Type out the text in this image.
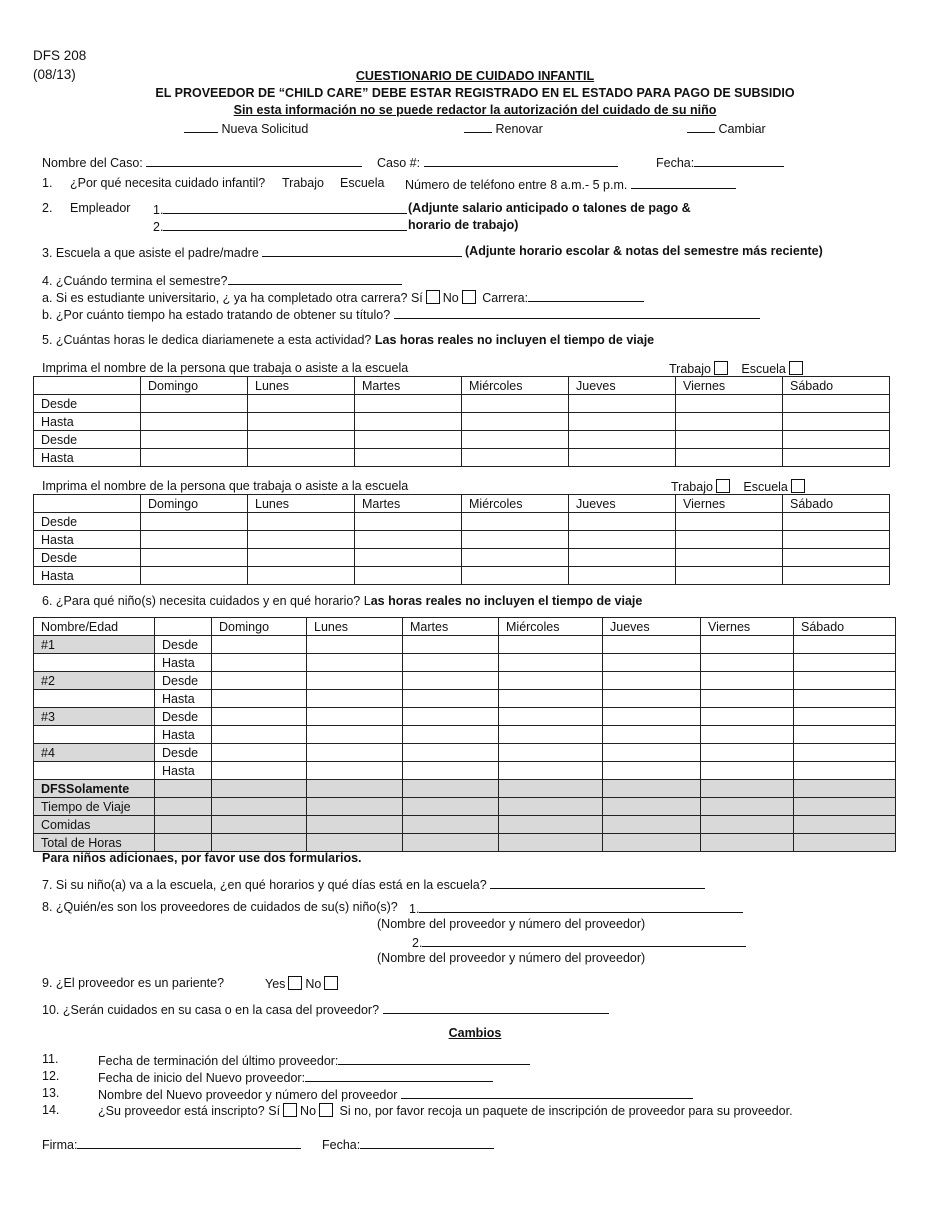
DFS 208
(08/13)	CUESTIONARIO DE CUIDADO INFANTIL
EL PROVEEDOR DE “CHILD CARE” DEBE ESTAR REGISTRADO EN EL ESTADO PARA PAGO DE SUBSIDIO
Sin esta información no se puede redactor la autorización del cuidado de su niño
Nueva Solicitud	Renovar	Cambiar
Nombre del Caso:	Caso #:	Fecha:
1. ¿Por qué necesita cuidado infantil? Trabajo Escuela Número de teléfono entre 8 a.m.- 5 p.m.
2. Empleador 1.	(Adjunte salario anticipado o talones de pago &
2.	horario de trabajo)
3. Escuela a que asiste el padre/madre	(Adjunte horario escolar & notas del semestre más reciente)
4. ¿Cuándo termina el semestre?
a. Si es estudiante universitario, ¿ ya ha completado otra carrera? Sí No Carrera:
b. ¿Por cuánto tiempo ha estado tratando de obtener su título?
5. ¿Cuántas horas le dedica diariamenete a esta actividad? Las horas reales no incluyen el tiempo de viaje
Imprima el nombre de la persona que trabaja o asiste a la escuela	Trabajo Escuela
	Domingo	Lunes	Martes	Miércoles	Jueves	Viernes	Sábado
Desde							
Hasta							
Desde							
Hasta							
Imprima el nombre de la persona que trabaja o asiste a la escuela	Trabajo Escuela
	Domingo	Lunes	Martes	Miércoles	Jueves	Viernes	Sábado
Desde							
Hasta							
Desde							
Hasta							
6. ¿Para qué niño(s) necesita cuidados y en qué horario? Las horas reales no incluyen el tiempo de viaje
Nombre/Edad		Domingo	Lunes	Martes	Miércoles	Jueves	Viernes	Sábado
#1	Desde							
	Hasta							
#2	Desde							
	Hasta							
#3	Desde							
	Hasta							
#4	Desde							
	Hasta							
DFSSolamente								
Tiempo de Viaje								
Comidas								
Total de Horas								
Para niños adicionaes, por favor use dos formularios.
7. Si su niño(a) va a la escuela, ¿en qué horarios y qué días está en la escuela?
8. ¿Quién/es son los proveedores de cuidados de su(s) niño(s)? 1.
(Nombre del proveedor y número del proveedor)
2.
(Nombre del proveedor y número del proveedor)
9. ¿El proveedor es un pariente?	Yes No
10. ¿Serán cuidados en su casa o en la casa del proveedor?
Cambios
11.	Fecha de terminación del último proveedor:
12.	Fecha de inicio del Nuevo proveedor:
13.	Nombre del Nuevo proveedor y número del proveedor
14.	¿Su proveedor está inscripto? Sí No Si no, por favor recoja un paquete de inscripción de proveedor para su proveedor.
Firma:	Fecha:
